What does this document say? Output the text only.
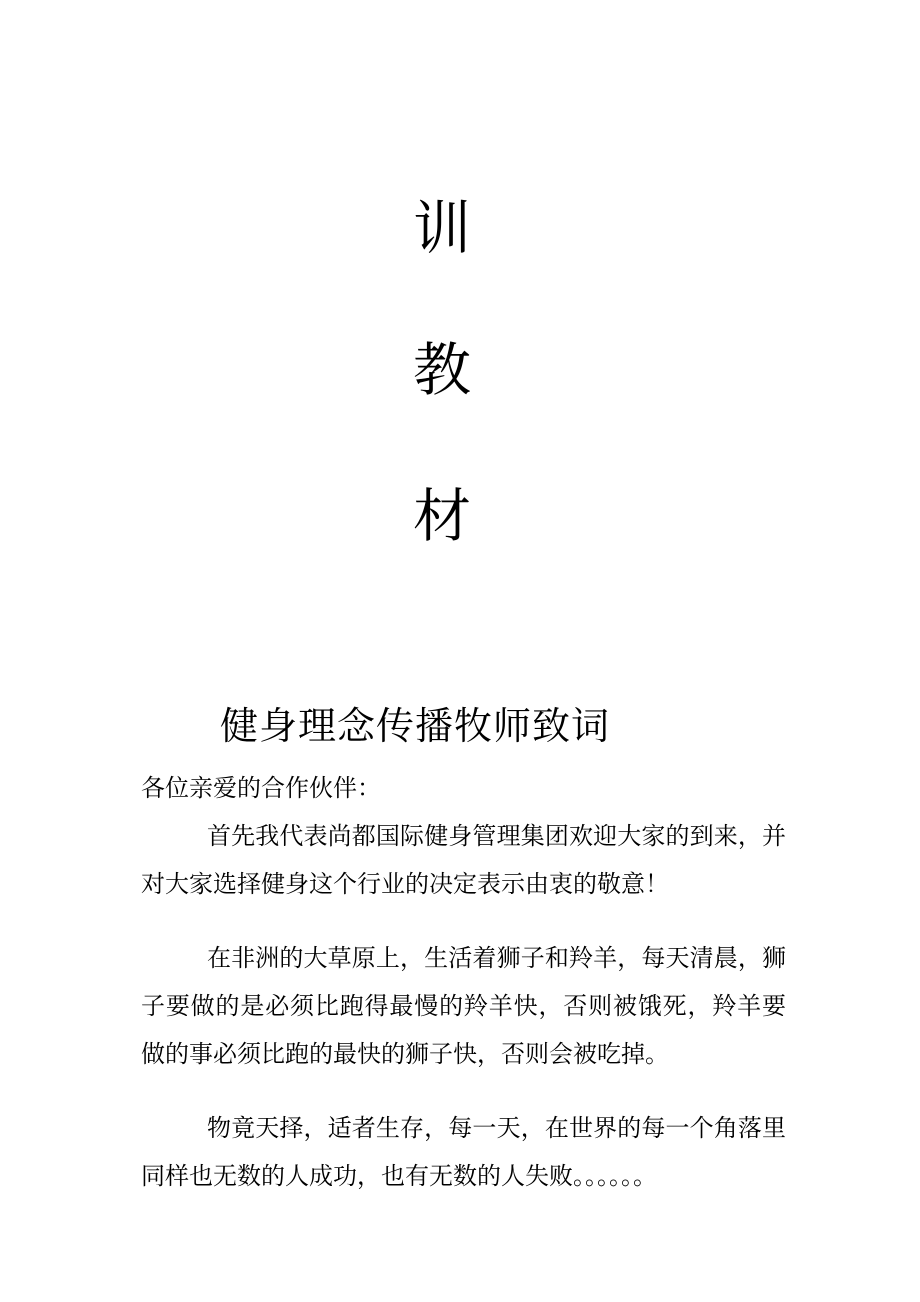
训
教
材
健身理念传播牧师致词

各位亲爱的合作伙伴：

首先我代表尚都国际健身管理集团欢迎大家的到来，并对大家选择健身这个行业的决定表示由衷的敬意！

在非洲的大草原上，生活着狮子和羚羊，每天清晨，狮子要做的是必须比跑得最慢的羚羊快，否则被饿死，羚羊要做的事必须比跑的最快的狮子快，否则会被吃掉。

物竟天择，适者生存，每一天，在世界的每一个角落里同样也无数的人成功，也有无数的人失败。。。。。。
